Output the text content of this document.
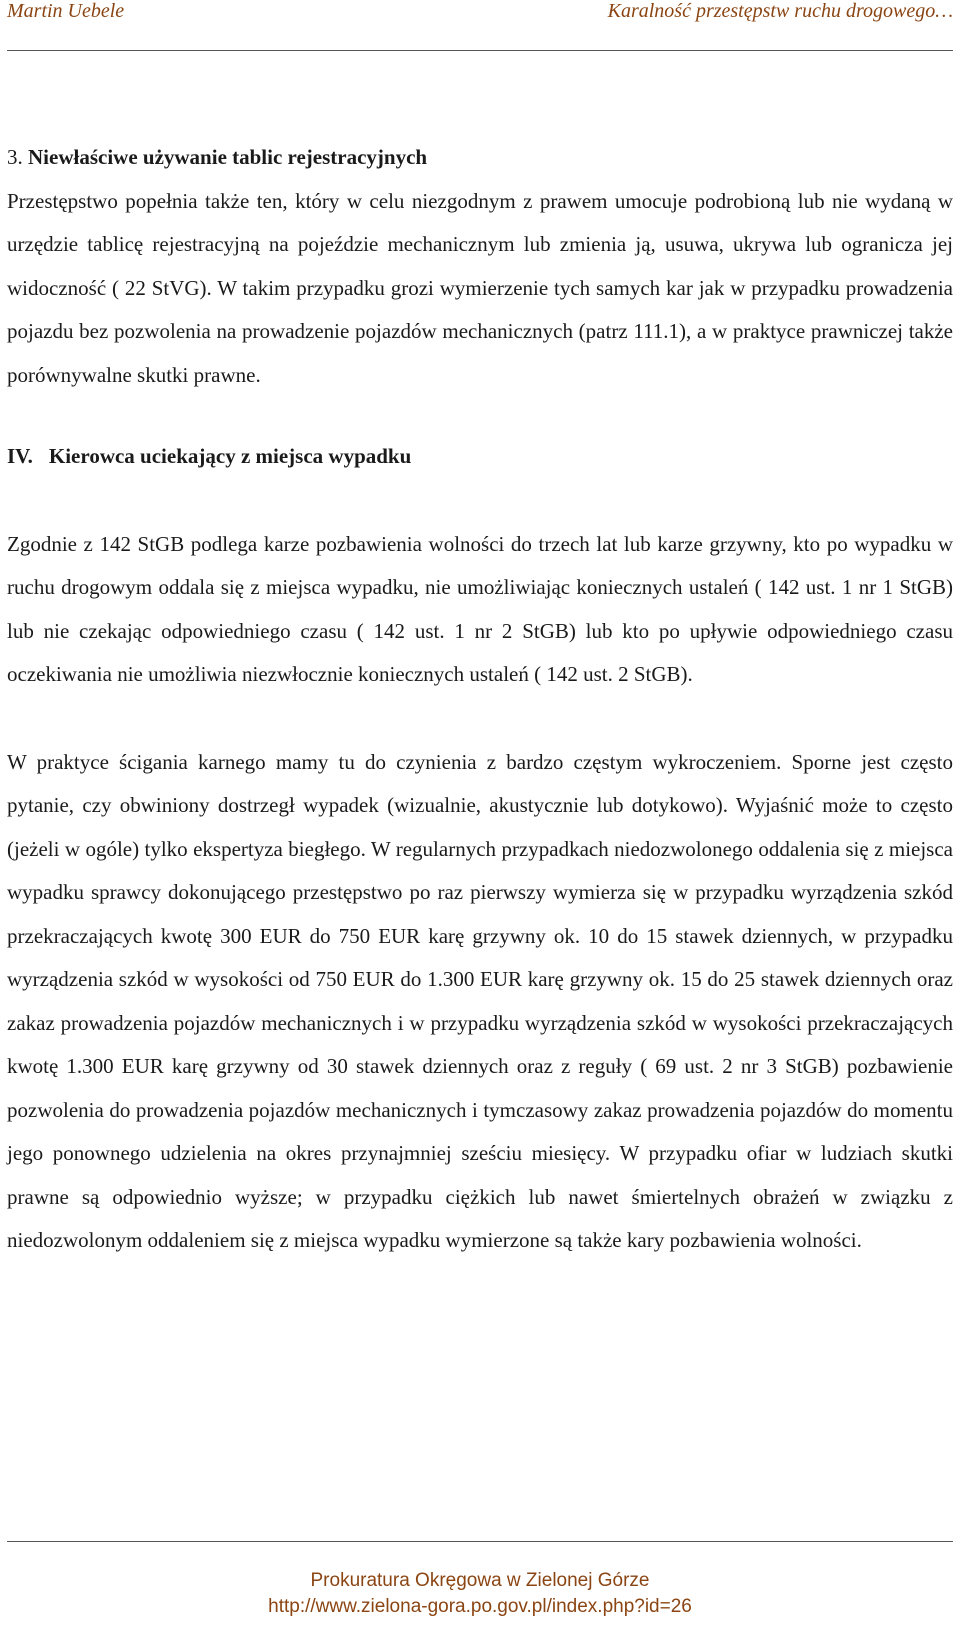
Martin Uebele	Karalność przestępstw ruchu drogowego…
3. Niewłaściwe używanie tablic rejestracyjnych

Przestępstwo popełnia także ten, który w celu niezgodnym z prawem umocuje podrobioną lub nie wydaną w urzędzie tablicę rejestracyjną na pojeździe mechanicznym lub zmienia ją, usuwa, ukrywa lub ogranicza jej widoczność ( 22 StVG). W takim przypadku grozi wymierzenie tych samych kar jak w przypadku prowadzenia pojazdu bez pozwolenia na prowadzenie pojazdów mechanicznych (patrz 111.1), a w praktyce prawniczej także porównywalne skutki prawne.

IV. Kierowca uciekający z miejsca wypadku

Zgodnie z 142 StGB podlega karze pozbawienia wolności do trzech lat lub karze grzywny, kto po wypadku w ruchu drogowym oddala się z miejsca wypadku, nie umożliwiając koniecznych ustaleń ( 142 ust. 1 nr 1 StGB) lub nie czekając odpowiedniego czasu ( 142 ust. 1 nr 2 StGB) lub kto po upływie odpowiedniego czasu oczekiwania nie umożliwia niezwłocznie koniecznych ustaleń ( 142 ust. 2 StGB).

W praktyce ścigania karnego mamy tu do czynienia z bardzo częstym wykroczeniem. Sporne jest często pytanie, czy obwiniony dostrzegł wypadek (wizualnie, akustycznie lub dotykowo). Wyjaśnić może to często (jeżeli w ogóle) tylko ekspertyza biegłego. W regularnych przypadkach niedozwolonego oddalenia się z miejsca wypadku sprawcy dokonującego przestępstwo po raz pierwszy wymierza się w przypadku wyrządzenia szkód przekraczających kwotę 300 EUR do 750 EUR karę grzywny ok. 10 do 15 stawek dziennych, w przypadku wyrządzenia szkód w wysokości od 750 EUR do 1.300 EUR karę grzywny ok. 15 do 25 stawek dziennych oraz zakaz prowadzenia pojazdów mechanicznych i w przypadku wyrządzenia szkód w wysokości przekraczających kwotę 1.300 EUR karę grzywny od 30 stawek dziennych oraz z reguły ( 69 ust. 2 nr 3 StGB) pozbawienie pozwolenia do prowadzenia pojazdów mechanicznych i tymczasowy zakaz prowadzenia pojazdów do momentu jego ponownego udzielenia na okres przynajmniej sześciu miesięcy. W przypadku ofiar w ludziach skutki prawne są odpowiednio wyższe; w przypadku ciężkich lub nawet śmiertelnych obrażeń w związku z niedozwolonym oddaleniem się z miejsca wypadku wymierzone są także kary pozbawienia wolności.

Prokuratura Okręgowa w Zielonej Górze
http://www.zielona-gora.po.gov.pl/index.php?id=26
